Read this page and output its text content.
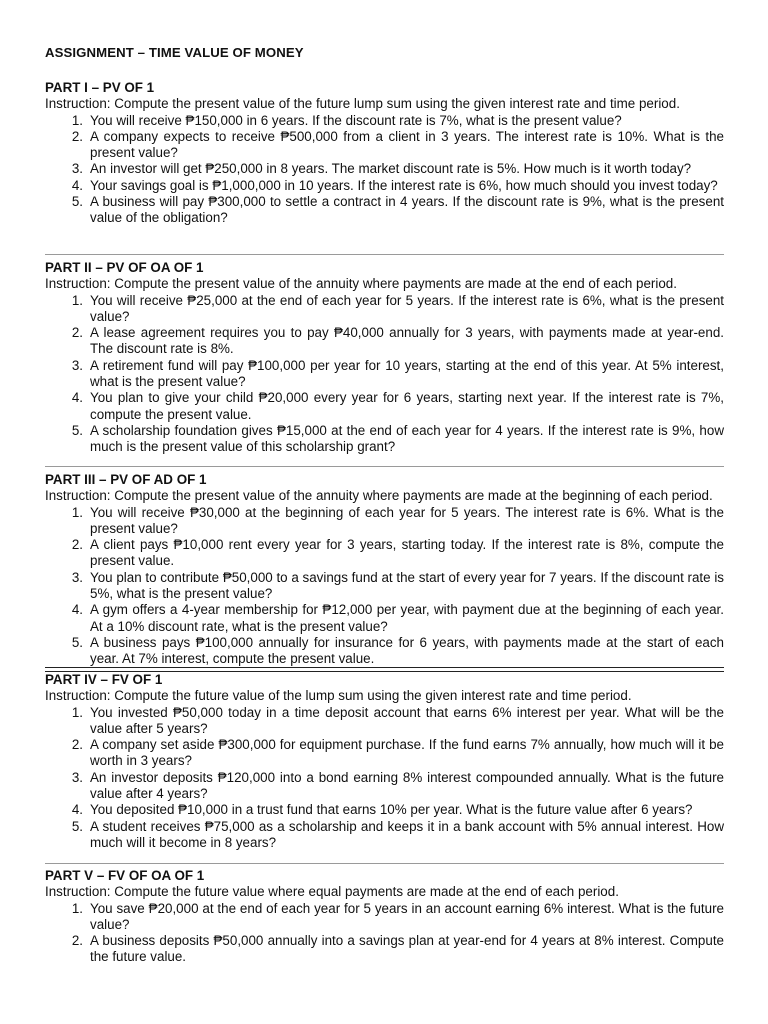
ASSIGNMENT – TIME VALUE OF MONEY
PART I – PV OF 1
Instruction: Compute the present value of the future lump sum using the given interest rate and time period.
1. You will receive ₱150,000 in 6 years. If the discount rate is 7%, what is the present value?
2. A company expects to receive ₱500,000 from a client in 3 years. The interest rate is 10%. What is the present value?
3. An investor will get ₱250,000 in 8 years. The market discount rate is 5%. How much is it worth today?
4. Your savings goal is ₱1,000,000 in 10 years. If the interest rate is 6%, how much should you invest today?
5. A business will pay ₱300,000 to settle a contract in 4 years. If the discount rate is 9%, what is the present value of the obligation?
PART II – PV OF OA OF 1
Instruction: Compute the present value of the annuity where payments are made at the end of each period.
1. You will receive ₱25,000 at the end of each year for 5 years. If the interest rate is 6%, what is the present value?
2. A lease agreement requires you to pay ₱40,000 annually for 3 years, with payments made at year-end. The discount rate is 8%.
3. A retirement fund will pay ₱100,000 per year for 10 years, starting at the end of this year. At 5% interest, what is the present value?
4. You plan to give your child ₱20,000 every year for 6 years, starting next year. If the interest rate is 7%, compute the present value.
5. A scholarship foundation gives ₱15,000 at the end of each year for 4 years. If the interest rate is 9%, how much is the present value of this scholarship grant?
PART III – PV OF AD OF 1
Instruction: Compute the present value of the annuity where payments are made at the beginning of each period.
1. You will receive ₱30,000 at the beginning of each year for 5 years. The interest rate is 6%. What is the present value?
2. A client pays ₱10,000 rent every year for 3 years, starting today. If the interest rate is 8%, compute the present value.
3. You plan to contribute ₱50,000 to a savings fund at the start of every year for 7 years. If the discount rate is 5%, what is the present value?
4. A gym offers a 4-year membership for ₱12,000 per year, with payment due at the beginning of each year. At a 10% discount rate, what is the present value?
5. A business pays ₱100,000 annually for insurance for 6 years, with payments made at the start of each year. At 7% interest, compute the present value.
PART IV – FV OF 1
Instruction: Compute the future value of the lump sum using the given interest rate and time period.
1. You invested ₱50,000 today in a time deposit account that earns 6% interest per year. What will be the value after 5 years?
2. A company set aside ₱300,000 for equipment purchase. If the fund earns 7% annually, how much will it be worth in 3 years?
3. An investor deposits ₱120,000 into a bond earning 8% interest compounded annually. What is the future value after 4 years?
4. You deposited ₱10,000 in a trust fund that earns 10% per year. What is the future value after 6 years?
5. A student receives ₱75,000 as a scholarship and keeps it in a bank account with 5% annual interest. How much will it become in 8 years?
PART V – FV OF OA OF 1
Instruction: Compute the future value where equal payments are made at the end of each period.
1. You save ₱20,000 at the end of each year for 5 years in an account earning 6% interest. What is the future value?
2. A business deposits ₱50,000 annually into a savings plan at year-end for 4 years at 8% interest. Compute the future value.
